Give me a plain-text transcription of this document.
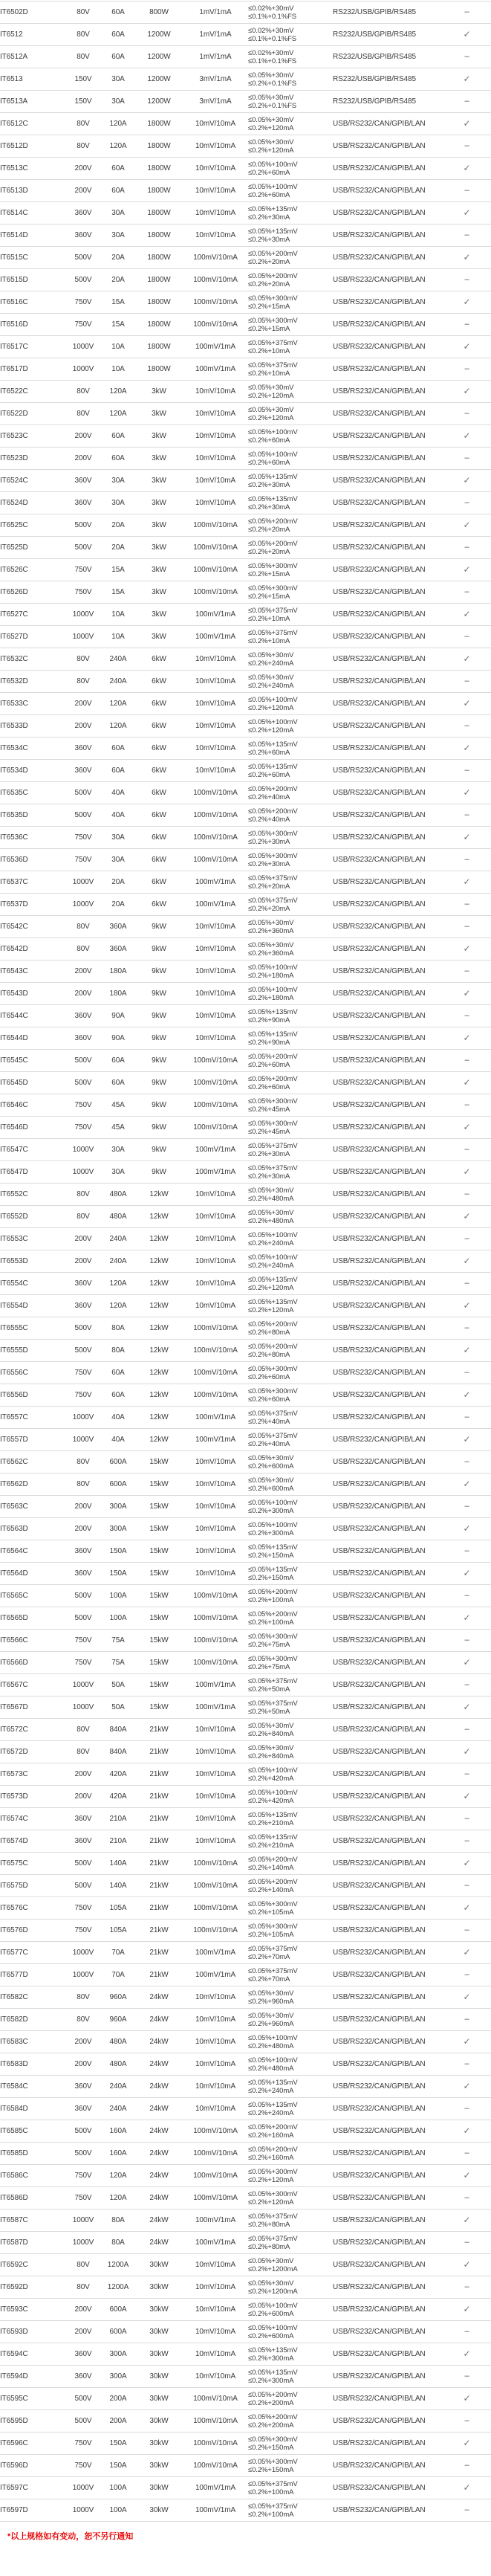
IT6502D	80V	60A	800W	1mV/1mA	≤0.02%+30mV
≤0.1%+0.1%FS	RS232/USB/GPIB/RS485	–
IT6512	80V	60A	1200W	1mV/1mA	≤0.02%+30mV
≤0.1%+0.1%FS	RS232/USB/GPIB/RS485	✓
IT6512A	80V	60A	1200W	1mV/1mA	≤0.02%+30mV
≤0.1%+0.1%FS	RS232/USB/GPIB/RS485	–
IT6513	150V	30A	1200W	3mV/1mA	≤0.05%+30mV
≤0.2%+0.1%FS	RS232/USB/GPIB/RS485	✓
IT6513A	150V	30A	1200W	3mV/1mA	≤0.05%+30mV
≤0.2%+0.1%FS	RS232/USB/GPIB/RS485	–
IT6512C	80V	120A	1800W	10mV/10mA	≤0.05%+30mV
≤0.2%+120mA	USB/RS232/CAN/GPIB/LAN	✓
IT6512D	80V	120A	1800W	10mV/10mA	≤0.05%+30mV
≤0.2%+120mA	USB/RS232/CAN/GPIB/LAN	–
IT6513C	200V	60A	1800W	10mV/10mA	≤0.05%+100mV
≤0.2%+60mA	USB/RS232/CAN/GPIB/LAN	✓
IT6513D	200V	60A	1800W	10mV/10mA	≤0.05%+100mV
≤0.2%+60mA	USB/RS232/CAN/GPIB/LAN	–
IT6514C	360V	30A	1800W	10mV/10mA	≤0.05%+135mV
≤0.2%+30mA	USB/RS232/CAN/GPIB/LAN	✓
IT6514D	360V	30A	1800W	10mV/10mA	≤0.05%+135mV
≤0.2%+30mA	USB/RS232/CAN/GPIB/LAN	–
IT6515C	500V	20A	1800W	100mV/10mA	≤0.05%+200mV
≤0.2%+20mA	USB/RS232/CAN/GPIB/LAN	✓
IT6515D	500V	20A	1800W	100mV/10mA	≤0.05%+200mV
≤0.2%+20mA	USB/RS232/CAN/GPIB/LAN	–
IT6516C	750V	15A	1800W	100mV/10mA	≤0.05%+300mV
≤0.2%+15mA	USB/RS232/CAN/GPIB/LAN	✓
IT6516D	750V	15A	1800W	100mV/10mA	≤0.05%+300mV
≤0.2%+15mA	USB/RS232/CAN/GPIB/LAN	–
IT6517C	1000V	10A	1800W	100mV/1mA	≤0.05%+375mV
≤0.2%+10mA	USB/RS232/CAN/GPIB/LAN	✓
IT6517D	1000V	10A	1800W	100mV/1mA	≤0.05%+375mV
≤0.2%+10mA	USB/RS232/CAN/GPIB/LAN	–
IT6522C	80V	120A	3kW	10mV/10mA	≤0.05%+30mV
≤0.2%+120mA	USB/RS232/CAN/GPIB/LAN	✓
IT6522D	80V	120A	3kW	10mV/10mA	≤0.05%+30mV
≤0.2%+120mA	USB/RS232/CAN/GPIB/LAN	–
IT6523C	200V	60A	3kW	10mV/10mA	≤0.05%+100mV
≤0.2%+60mA	USB/RS232/CAN/GPIB/LAN	✓
IT6523D	200V	60A	3kW	10mV/10mA	≤0.05%+100mV
≤0.2%+60mA	USB/RS232/CAN/GPIB/LAN	–
IT6524C	360V	30A	3kW	10mV/10mA	≤0.05%+135mV
≤0.2%+30mA	USB/RS232/CAN/GPIB/LAN	✓
IT6524D	360V	30A	3kW	10mV/10mA	≤0.05%+135mV
≤0.2%+30mA	USB/RS232/CAN/GPIB/LAN	–
IT6525C	500V	20A	3kW	100mV/10mA	≤0.05%+200mV
≤0.2%+20mA	USB/RS232/CAN/GPIB/LAN	✓
IT6525D	500V	20A	3kW	100mV/10mA	≤0.05%+200mV
≤0.2%+20mA	USB/RS232/CAN/GPIB/LAN	–
IT6526C	750V	15A	3kW	100mV/10mA	≤0.05%+300mV
≤0.2%+15mA	USB/RS232/CAN/GPIB/LAN	✓
IT6526D	750V	15A	3kW	100mV/10mA	≤0.05%+300mV
≤0.2%+15mA	USB/RS232/CAN/GPIB/LAN	–
IT6527C	1000V	10A	3kW	100mV/1mA	≤0.05%+375mV
≤0.2%+10mA	USB/RS232/CAN/GPIB/LAN	✓
IT6527D	1000V	10A	3kW	100mV/1mA	≤0.05%+375mV
≤0.2%+10mA	USB/RS232/CAN/GPIB/LAN	–
IT6532C	80V	240A	6kW	10mV/10mA	≤0.05%+30mV
≤0.2%+240mA	USB/RS232/CAN/GPIB/LAN	✓
IT6532D	80V	240A	6kW	10mV/10mA	≤0.05%+30mV
≤0.2%+240mA	USB/RS232/CAN/GPIB/LAN	–
IT6533C	200V	120A	6kW	10mV/10mA	≤0.05%+100mV
≤0.2%+120mA	USB/RS232/CAN/GPIB/LAN	✓
IT6533D	200V	120A	6kW	10mV/10mA	≤0.05%+100mV
≤0.2%+120mA	USB/RS232/CAN/GPIB/LAN	–
IT6534C	360V	60A	6kW	10mV/10mA	≤0.05%+135mV
≤0.2%+60mA	USB/RS232/CAN/GPIB/LAN	✓
IT6534D	360V	60A	6kW	10mV/10mA	≤0.05%+135mV
≤0.2%+60mA	USB/RS232/CAN/GPIB/LAN	–
IT6535C	500V	40A	6kW	100mV/10mA	≤0.05%+200mV
≤0.2%+40mA	USB/RS232/CAN/GPIB/LAN	✓
IT6535D	500V	40A	6kW	100mV/10mA	≤0.05%+200mV
≤0.2%+40mA	USB/RS232/CAN/GPIB/LAN	–
IT6536C	750V	30A	6kW	100mV/10mA	≤0.05%+300mV
≤0.2%+30mA	USB/RS232/CAN/GPIB/LAN	✓
IT6536D	750V	30A	6kW	100mV/10mA	≤0.05%+300mV
≤0.2%+30mA	USB/RS232/CAN/GPIB/LAN	–
IT6537C	1000V	20A	6kW	100mV/1mA	≤0.05%+375mV
≤0.2%+20mA	USB/RS232/CAN/GPIB/LAN	✓
IT6537D	1000V	20A	6kW	100mV/1mA	≤0.05%+375mV
≤0.2%+20mA	USB/RS232/CAN/GPIB/LAN	–
IT6542C	80V	360A	9kW	10mV/10mA	≤0.05%+30mV
≤0.2%+360mA	USB/RS232/CAN/GPIB/LAN	–
IT6542D	80V	360A	9kW	10mV/10mA	≤0.05%+30mV
≤0.2%+360mA	USB/RS232/CAN/GPIB/LAN	✓
IT6543C	200V	180A	9kW	10mV/10mA	≤0.05%+100mV
≤0.2%+180mA	USB/RS232/CAN/GPIB/LAN	–
IT6543D	200V	180A	9kW	10mV/10mA	≤0.05%+100mV
≤0.2%+180mA	USB/RS232/CAN/GPIB/LAN	✓
IT6544C	360V	90A	9kW	10mV/10mA	≤0.05%+135mV
≤0.2%+90mA	USB/RS232/CAN/GPIB/LAN	–
IT6544D	360V	90A	9kW	10mV/10mA	≤0.05%+135mV
≤0.2%+90mA	USB/RS232/CAN/GPIB/LAN	✓
IT6545C	500V	60A	9kW	100mV/10mA	≤0.05%+200mV
≤0.2%+60mA	USB/RS232/CAN/GPIB/LAN	–
IT6545D	500V	60A	9kW	100mV/10mA	≤0.05%+200mV
≤0.2%+60mA	USB/RS232/CAN/GPIB/LAN	✓
IT6546C	750V	45A	9kW	100mV/10mA	≤0.05%+300mV
≤0.2%+45mA	USB/RS232/CAN/GPIB/LAN	–
IT6546D	750V	45A	9kW	100mV/10mA	≤0.05%+300mV
≤0.2%+45mA	USB/RS232/CAN/GPIB/LAN	✓
IT6547C	1000V	30A	9kW	100mV/1mA	≤0.05%+375mV
≤0.2%+30mA	USB/RS232/CAN/GPIB/LAN	–
IT6547D	1000V	30A	9kW	100mV/1mA	≤0.05%+375mV
≤0.2%+30mA	USB/RS232/CAN/GPIB/LAN	✓
IT6552C	80V	480A	12kW	10mV/10mA	≤0.05%+30mV
≤0.2%+480mA	USB/RS232/CAN/GPIB/LAN	–
IT6552D	80V	480A	12kW	10mV/10mA	≤0.05%+30mV
≤0.2%+480mA	USB/RS232/CAN/GPIB/LAN	✓
IT6553C	200V	240A	12kW	10mV/10mA	≤0.05%+100mV
≤0.2%+240mA	USB/RS232/CAN/GPIB/LAN	–
IT6553D	200V	240A	12kW	10mV/10mA	≤0.05%+100mV
≤0.2%+240mA	USB/RS232/CAN/GPIB/LAN	✓
IT6554C	360V	120A	12kW	10mV/10mA	≤0.05%+135mV
≤0.2%+120mA	USB/RS232/CAN/GPIB/LAN	–
IT6554D	360V	120A	12kW	10mV/10mA	≤0.05%+135mV
≤0.2%+120mA	USB/RS232/CAN/GPIB/LAN	✓
IT6555C	500V	80A	12kW	100mV/10mA	≤0.05%+200mV
≤0.2%+80mA	USB/RS232/CAN/GPIB/LAN	–
IT6555D	500V	80A	12kW	100mV/10mA	≤0.05%+200mV
≤0.2%+80mA	USB/RS232/CAN/GPIB/LAN	✓
IT6556C	750V	60A	12kW	100mV/10mA	≤0.05%+300mV
≤0.2%+60mA	USB/RS232/CAN/GPIB/LAN	–
IT6556D	750V	60A	12kW	100mV/10mA	≤0.05%+300mV
≤0.2%+60mA	USB/RS232/CAN/GPIB/LAN	✓
IT6557C	1000V	40A	12kW	100mV/1mA	≤0.05%+375mV
≤0.2%+40mA	USB/RS232/CAN/GPIB/LAN	–
IT6557D	1000V	40A	12kW	100mV/1mA	≤0.05%+375mV
≤0.2%+40mA	USB/RS232/CAN/GPIB/LAN	✓
IT6562C	80V	600A	15kW	10mV/10mA	≤0.05%+30mV
≤0.2%+600mA	USB/RS232/CAN/GPIB/LAN	–
IT6562D	80V	600A	15kW	10mV/10mA	≤0.05%+30mV
≤0.2%+600mA	USB/RS232/CAN/GPIB/LAN	✓
IT6563C	200V	300A	15kW	10mV/10mA	≤0.05%+100mV
≤0.2%+300mA	USB/RS232/CAN/GPIB/LAN	–
IT6563D	200V	300A	15kW	10mV/10mA	≤0.05%+100mV
≤0.2%+300mA	USB/RS232/CAN/GPIB/LAN	✓
IT6564C	360V	150A	15kW	10mV/10mA	≤0.05%+135mV
≤0.2%+150mA	USB/RS232/CAN/GPIB/LAN	–
IT6564D	360V	150A	15kW	10mV/10mA	≤0.05%+135mV
≤0.2%+150mA	USB/RS232/CAN/GPIB/LAN	✓
IT6565C	500V	100A	15kW	100mV/10mA	≤0.05%+200mV
≤0.2%+100mA	USB/RS232/CAN/GPIB/LAN	–
IT6565D	500V	100A	15kW	100mV/10mA	≤0.05%+200mV
≤0.2%+100mA	USB/RS232/CAN/GPIB/LAN	✓
IT6566C	750V	75A	15kW	100mV/10mA	≤0.05%+300mV
≤0.2%+75mA	USB/RS232/CAN/GPIB/LAN	–
IT6566D	750V	75A	15kW	100mV/10mA	≤0.05%+300mV
≤0.2%+75mA	USB/RS232/CAN/GPIB/LAN	✓
IT6567C	1000V	50A	15kW	100mV/1mA	≤0.05%+375mV
≤0.2%+50mA	USB/RS232/CAN/GPIB/LAN	–
IT6567D	1000V	50A	15kW	100mV/1mA	≤0.05%+375mV
≤0.2%+50mA	USB/RS232/CAN/GPIB/LAN	✓
IT6572C	80V	840A	21kW	10mV/10mA	≤0.05%+30mV
≤0.2%+840mA	USB/RS232/CAN/GPIB/LAN	–
IT6572D	80V	840A	21kW	10mV/10mA	≤0.05%+30mV
≤0.2%+840mA	USB/RS232/CAN/GPIB/LAN	✓
IT6573C	200V	420A	21kW	10mV/10mA	≤0.05%+100mV
≤0.2%+420mA	USB/RS232/CAN/GPIB/LAN	–
IT6573D	200V	420A	21kW	10mV/10mA	≤0.05%+100mV
≤0.2%+420mA	USB/RS232/CAN/GPIB/LAN	✓
IT6574C	360V	210A	21kW	10mV/10mA	≤0.05%+135mV
≤0.2%+210mA	USB/RS232/CAN/GPIB/LAN	–
IT6574D	360V	210A	21kW	10mV/10mA	≤0.05%+135mV
≤0.2%+210mA	USB/RS232/CAN/GPIB/LAN	–
IT6575C	500V	140A	21kW	100mV/10mA	≤0.05%+200mV
≤0.2%+140mA	USB/RS232/CAN/GPIB/LAN	✓
IT6575D	500V	140A	21kW	100mV/10mA	≤0.05%+200mV
≤0.2%+140mA	USB/RS232/CAN/GPIB/LAN	–
IT6576C	750V	105A	21kW	100mV/10mA	≤0.05%+300mV
≤0.2%+105mA	USB/RS232/CAN/GPIB/LAN	✓
IT6576D	750V	105A	21kW	100mV/10mA	≤0.05%+300mV
≤0.2%+105mA	USB/RS232/CAN/GPIB/LAN	–
IT6577C	1000V	70A	21kW	100mV/1mA	≤0.05%+375mV
≤0.2%+70mA	USB/RS232/CAN/GPIB/LAN	✓
IT6577D	1000V	70A	21kW	100mV/1mA	≤0.05%+375mV
≤0.2%+70mA	USB/RS232/CAN/GPIB/LAN	–
IT6582C	80V	960A	24kW	10mV/10mA	≤0.05%+30mV
≤0.2%+960mA	USB/RS232/CAN/GPIB/LAN	✓
IT6582D	80V	960A	24kW	10mV/10mA	≤0.05%+30mV
≤0.2%+960mA	USB/RS232/CAN/GPIB/LAN	–
IT6583C	200V	480A	24kW	10mV/10mA	≤0.05%+100mV
≤0.2%+480mA	USB/RS232/CAN/GPIB/LAN	✓
IT6583D	200V	480A	24kW	10mV/10mA	≤0.05%+100mV
≤0.2%+480mA	USB/RS232/CAN/GPIB/LAN	–
IT6584C	360V	240A	24kW	10mV/10mA	≤0.05%+135mV
≤0.2%+240mA	USB/RS232/CAN/GPIB/LAN	✓
IT6584D	360V	240A	24kW	10mV/10mA	≤0.05%+135mV
≤0.2%+240mA	USB/RS232/CAN/GPIB/LAN	–
IT6585C	500V	160A	24kW	100mV/10mA	≤0.05%+200mV
≤0.2%+160mA	USB/RS232/CAN/GPIB/LAN	✓
IT6585D	500V	160A	24kW	100mV/10mA	≤0.05%+200mV
≤0.2%+160mA	USB/RS232/CAN/GPIB/LAN	–
IT6586C	750V	120A	24kW	100mV/10mA	≤0.05%+300mV
≤0.2%+120mA	USB/RS232/CAN/GPIB/LAN	✓
IT6586D	750V	120A	24kW	100mV/10mA	≤0.05%+300mV
≤0.2%+120mA	USB/RS232/CAN/GPIB/LAN	–
IT6587C	1000V	80A	24kW	100mV/1mA	≤0.05%+375mV
≤0.2%+80mA	USB/RS232/CAN/GPIB/LAN	✓
IT6587D	1000V	80A	24kW	100mV/1mA	≤0.05%+375mV
≤0.2%+80mA	USB/RS232/CAN/GPIB/LAN	–
IT6592C	80V	1200A	30kW	10mV/10mA	≤0.05%+30mV
≤0.2%+1200mA	USB/RS232/CAN/GPIB/LAN	✓
IT6592D	80V	1200A	30kW	10mV/10mA	≤0.05%+30mV
≤0.2%+1200mA	USB/RS232/CAN/GPIB/LAN	–
IT6593C	200V	600A	30kW	10mV/10mA	≤0.05%+100mV
≤0.2%+600mA	USB/RS232/CAN/GPIB/LAN	✓
IT6593D	200V	600A	30kW	10mV/10mA	≤0.05%+100mV
≤0.2%+600mA	USB/RS232/CAN/GPIB/LAN	–
IT6594C	360V	300A	30kW	10mV/10mA	≤0.05%+135mV
≤0.2%+300mA	USB/RS232/CAN/GPIB/LAN	✓
IT6594D	360V	300A	30kW	10mV/10mA	≤0.05%+135mV
≤0.2%+300mA	USB/RS232/CAN/GPIB/LAN	–
IT6595C	500V	200A	30kW	100mV/10mA	≤0.05%+200mV
≤0.2%+200mA	USB/RS232/CAN/GPIB/LAN	✓
IT6595D	500V	200A	30kW	100mV/10mA	≤0.05%+200mV
≤0.2%+200mA	USB/RS232/CAN/GPIB/LAN	–
IT6596C	750V	150A	30kW	100mV/10mA	≤0.05%+300mV
≤0.2%+150mA	USB/RS232/CAN/GPIB/LAN	✓
IT6596D	750V	150A	30kW	100mV/10mA	≤0.05%+300mV
≤0.2%+150mA	USB/RS232/CAN/GPIB/LAN	–
IT6597C	1000V	100A	30kW	100mV/1mA	≤0.05%+375mV
≤0.2%+100mA	USB/RS232/CAN/GPIB/LAN	✓
IT6597D	1000V	100A	30kW	100mV/1mA	≤0.05%+375mV
≤0.2%+100mA	USB/RS232/CAN/GPIB/LAN	–
*以上规格如有变动，恕不另行通知
